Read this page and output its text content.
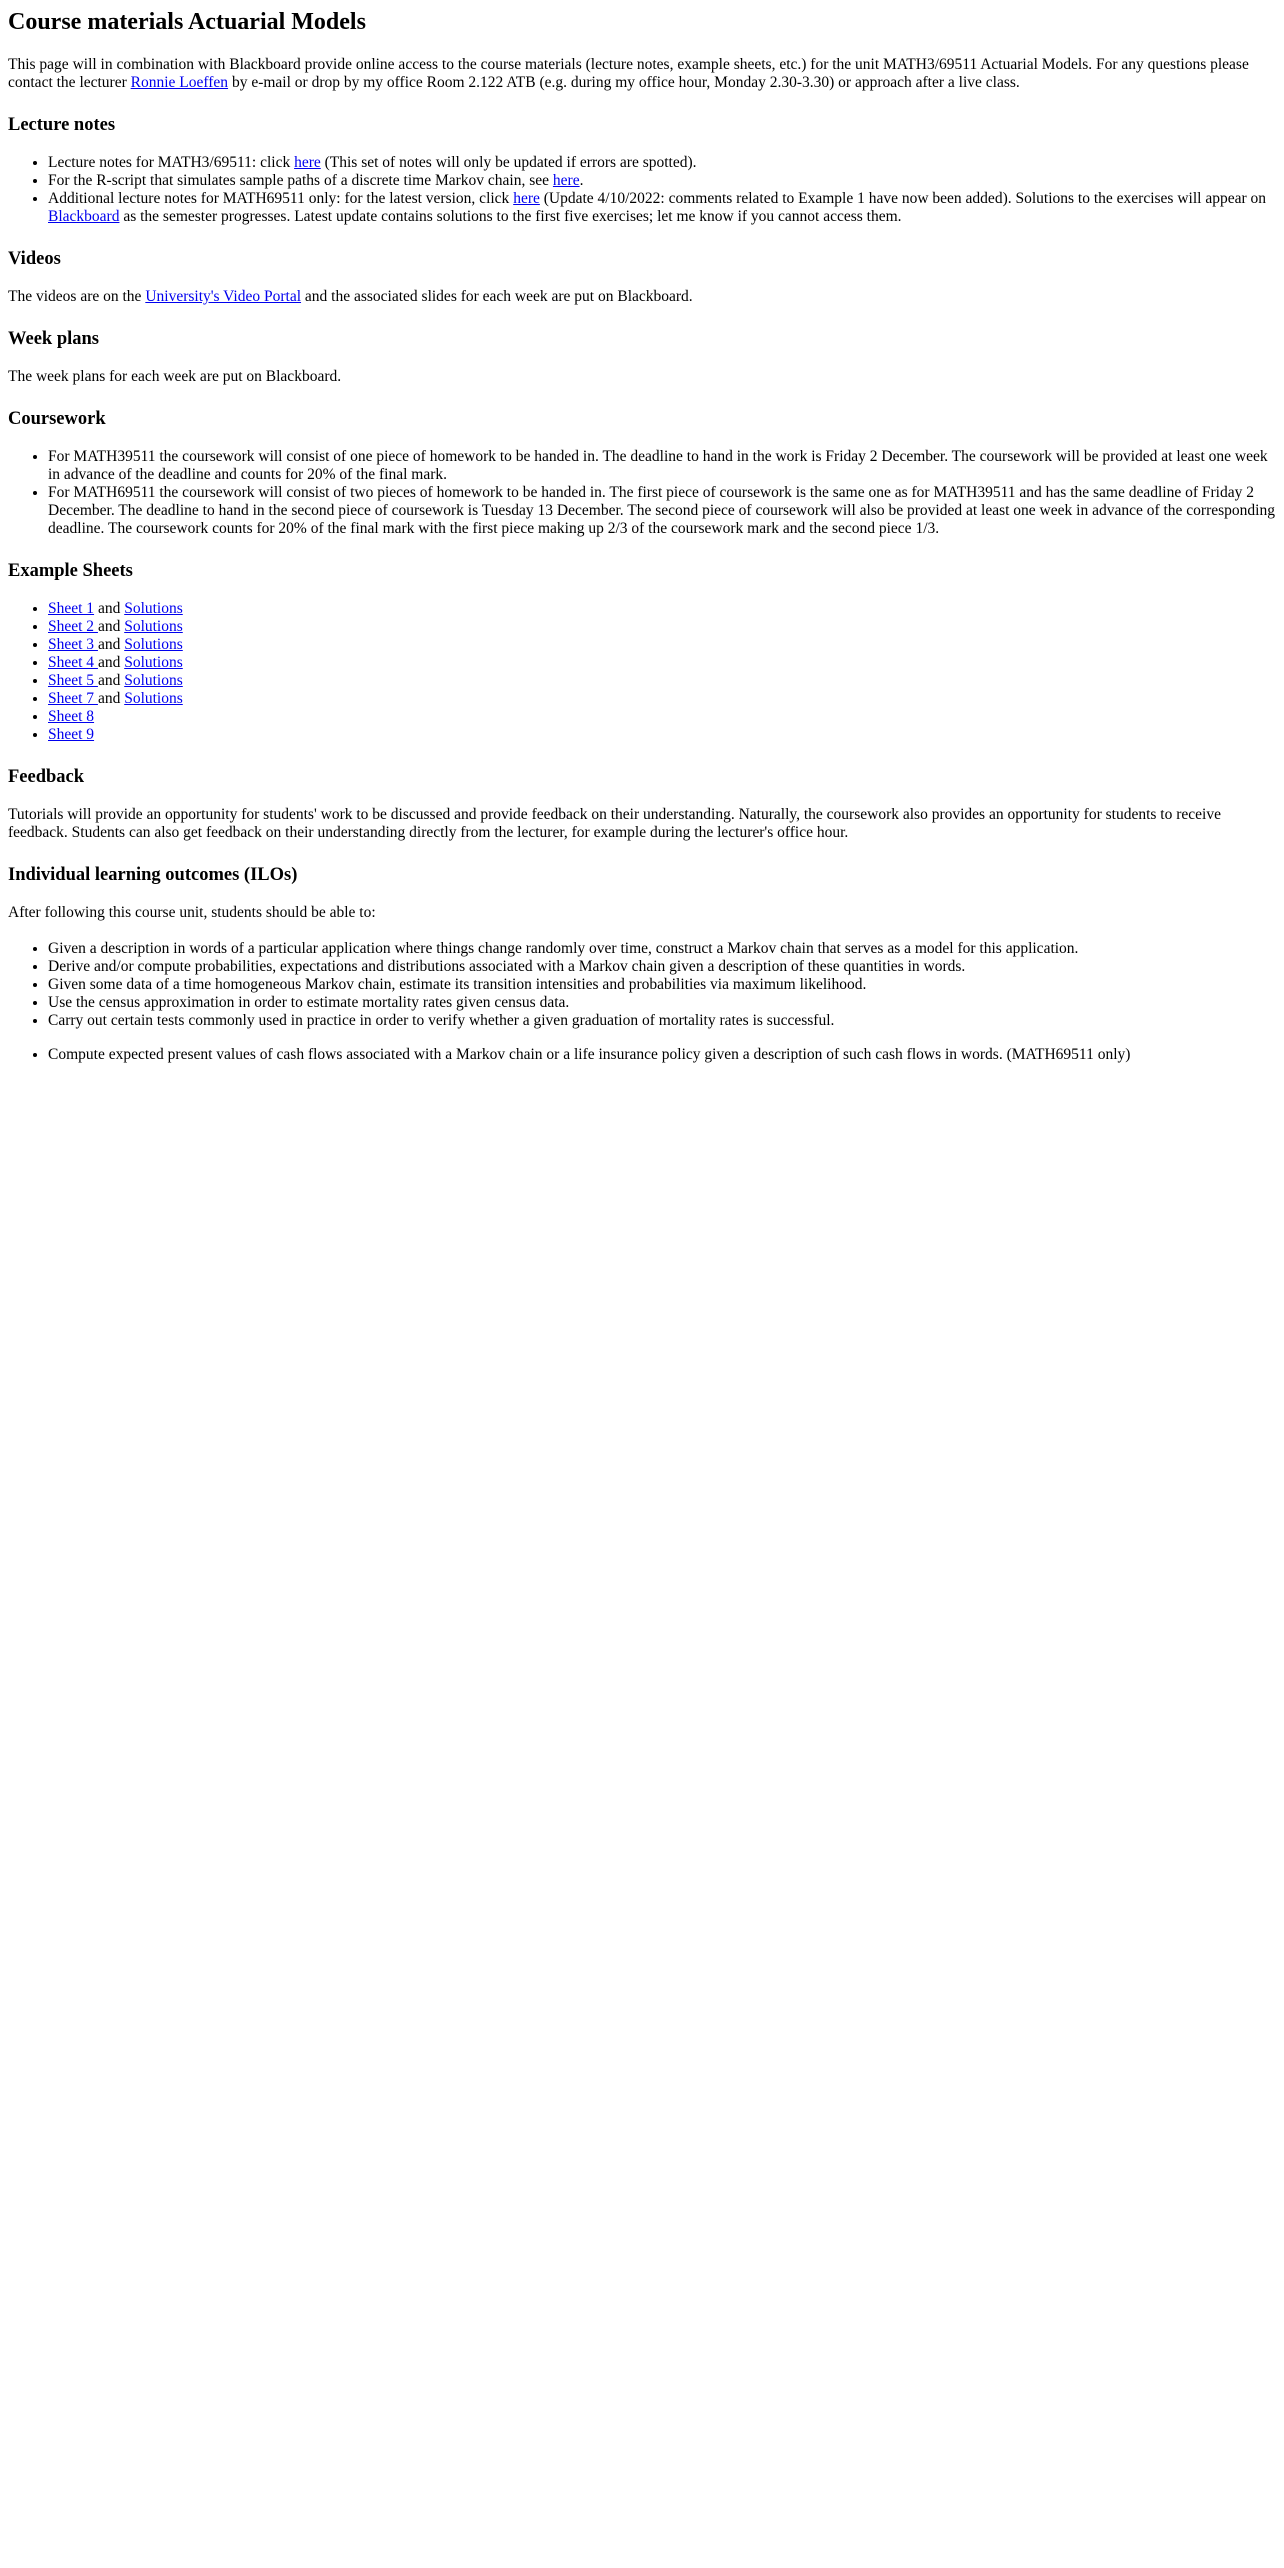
Course materials Actuarial Models

This page will in combination with Blackboard provide online access to the course materials (lecture notes, example sheets, etc.) for the unit MATH3/69511 Actuarial Models. For any questions please contact the lecturer Ronnie Loeffen by e-mail or drop by my office Room 2.122 ATB (e.g. during my office hour, Monday 2.30-3.30) or approach after a live class.

Lecture notes
• Lecture notes for MATH3/69511: click here (This set of notes will only be updated if errors are spotted).
• For the R-script that simulates sample paths of a discrete time Markov chain, see here.
• Additional lecture notes for MATH69511 only: for the latest version, click here (Update 4/10/2022: comments related to Example 1 have now been added). Solutions to the exercises will appear on Blackboard as the semester progresses. Latest update contains solutions to the first five exercises; let me know if you cannot access them.
Videos

The videos are on the University's Video Portal and the associated slides for each week are put on Blackboard.

Week plans

The week plans for each week are put on Blackboard.

Coursework
• For MATH39511 the coursework will consist of one piece of homework to be handed in. The deadline to hand in the work is Friday 2 December. The coursework will be provided at least one week in advance of the deadline and counts for 20% of the final mark.
• For MATH69511 the coursework will consist of two pieces of homework to be handed in. The first piece of coursework is the same one as for MATH39511 and has the same deadline of Friday 2 December. The deadline to hand in the second piece of coursework is Tuesday 13 December. The second piece of coursework will also be provided at least one week in advance of the corresponding deadline. The coursework counts for 20% of the final mark with the first piece making up 2/3 of the coursework mark and the second piece 1/3.
Example Sheets
• Sheet 1 and Solutions
• Sheet 2 and Solutions
• Sheet 3 and Solutions
• Sheet 4 and Solutions
• Sheet 5 and Solutions
• Sheet 7 and Solutions
• Sheet 8
• Sheet 9
Feedback

Tutorials will provide an opportunity for students' work to be discussed and provide feedback on their understanding. Naturally, the coursework also provides an opportunity for students to receive feedback. Students can also get feedback on their understanding directly from the lecturer, for example during the lecturer's office hour.

Individual learning outcomes (ILOs)

After following this course unit, students should be able to:

• Given a description in words of a particular application where things change randomly over time, construct a Markov chain that serves as a model for this application.
• Derive and/or compute probabilities, expectations and distributions associated with a Markov chain given a description of these quantities in words.
• Given some data of a time homogeneous Markov chain, estimate its transition intensities and probabilities via maximum likelihood.
• Use the census approximation in order to estimate mortality rates given census data.
• Carry out certain tests commonly used in practice in order to verify whether a given graduation of mortality rates is successful.
• Compute expected present values of cash flows associated with a Markov chain or a life insurance policy given a description of such cash flows in words. (MATH69511 only)
